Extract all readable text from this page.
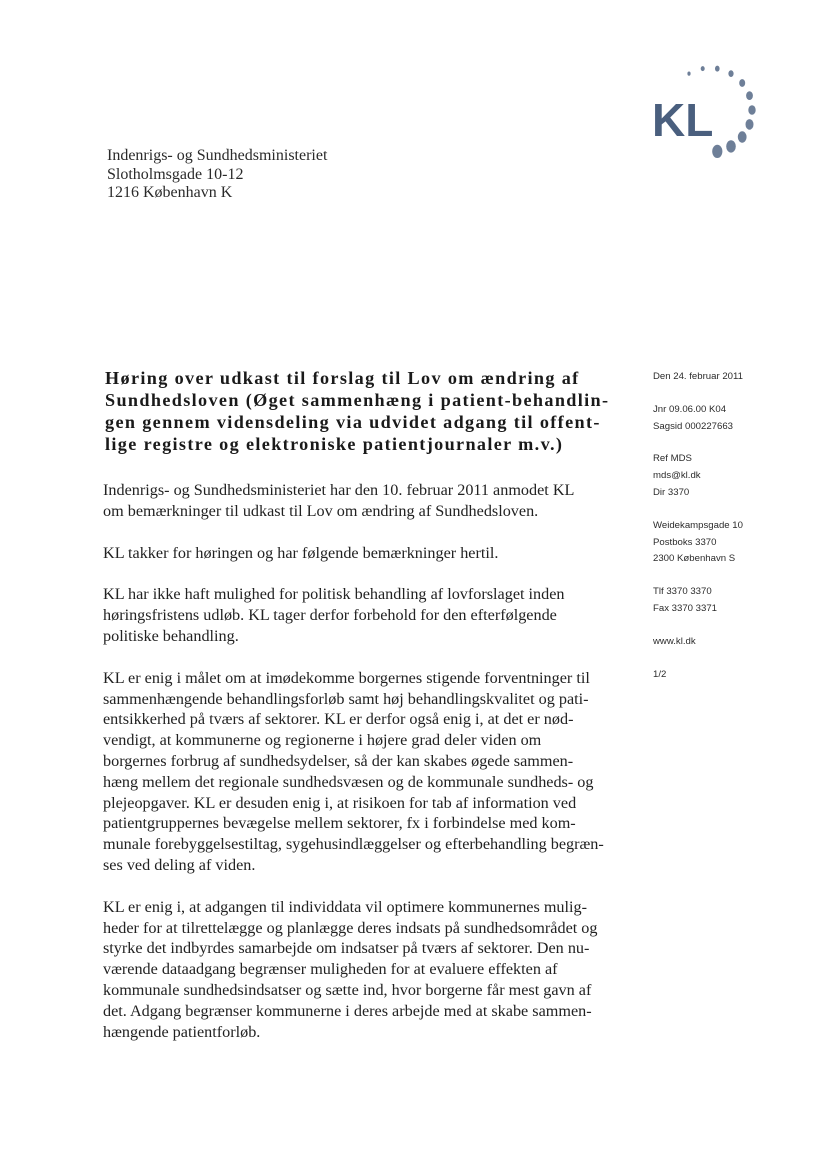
KL
Indenrigs- og Sundhedsministeriet
Slotholmsgade 10-12
1216 København K
Høring over udkast til forslag til Lov om ændring af
Sundhedsloven (Øget sammenhæng i patient-behandlin-
gen gennem vidensdeling via udvidet adgang til offent-
lige registre og elektroniske patientjournaler m.v.)
Indenrigs- og Sundhedsministeriet har den 10. februar 2011 anmodet KL
om bemærkninger til udkast til Lov om ændring af Sundhedsloven.
KL takker for høringen og har følgende bemærkninger hertil.
KL har ikke haft mulighed for politisk behandling af lovforslaget inden
høringsfristens udløb. KL tager derfor forbehold for den efterfølgende
politiske behandling.
KL er enig i målet om at imødekomme borgernes stigende forventninger til
sammenhængende behandlingsforløb samt høj behandlingskvalitet og pati-
entsikkerhed på tværs af sektorer. KL er derfor også enig i, at det er nød-
vendigt, at kommunerne og regionerne i højere grad deler viden om
borgernes forbrug af sundhedsydelser, så der kan skabes øgede sammen-
hæng mellem det regionale sundhedsvæsen og de kommunale sundheds- og
plejeopgaver. KL er desuden enig i, at risikoen for tab af information ved
patientgruppernes bevægelse mellem sektorer, fx i forbindelse med kom-
munale forebyggelsestiltag, sygehusindlæggelser og efterbehandling begræn-
ses ved deling af viden.
KL er enig i, at adgangen til individdata vil optimere kommunernes mulig-
heder for at tilrettelægge og planlægge deres indsats på sundhedsområdet og
styrke det indbyrdes samarbejde om indsatser på tværs af sektorer. Den nu-
værende dataadgang begrænser muligheden for at evaluere effekten af
kommunale sundhedsindsatser og sætte ind, hvor borgerne får mest gavn af
det. Adgang begrænser kommunerne i deres arbejde med at skabe sammen-
hængende patientforløb.
Den 24. februar 2011
Jnr 09.06.00 K04
Sagsid 000227663
Ref MDS
mds@kl.dk
Dir 3370
Weidekampsgade 10
Postboks 3370
2300 København S
Tlf 3370 3370
Fax 3370 3371
www.kl.dk
1/2
